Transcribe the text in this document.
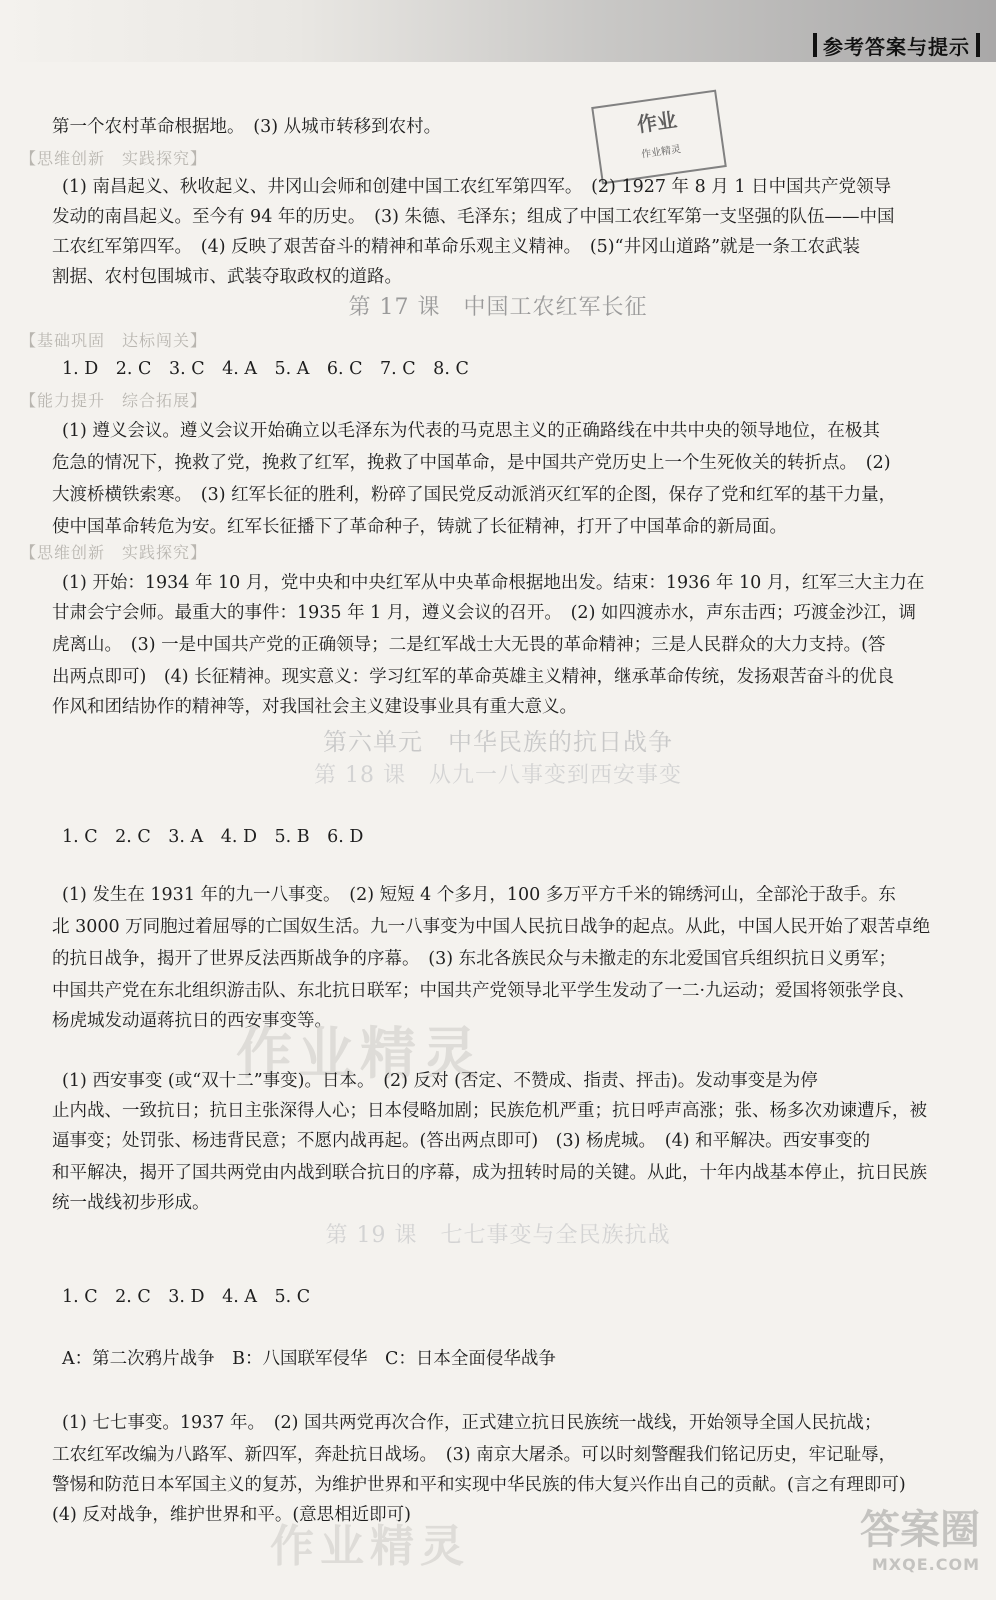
参考答案与提示
作业
作业精灵
第一个农村革命根据地。　(3) 从城市转移到农村。
【思维创新　实践探究】
(1) 南昌起义、秋收起义、井冈山会师和创建中国工农红军第四军。　(2) 1927 年 8 月 1 日中国共产党领导
发动的南昌起义。至今有 94 年的历史。　(3) 朱德、毛泽东；组成了中国工农红军第一支坚强的队伍——中国
工农红军第四军。　(4) 反映了艰苦奋斗的精神和革命乐观主义精神。　(5)“井冈山道路”就是一条工农武装
割据、农村包围城市、武装夺取政权的道路。
第 17 课　中国工农红军长征
【基础巩固　达标闯关】
1. D　2. C　3. C　4. A　5. A　6. C　7. C　8. C
【能力提升　综合拓展】
(1) 遵义会议。遵义会议开始确立以毛泽东为代表的马克思主义的正确路线在中共中央的领导地位，在极其
危急的情况下，挽救了党，挽救了红军，挽救了中国革命，是中国共产党历史上一个生死攸关的转折点。　(2)
大渡桥横铁索寒。　(3) 红军长征的胜利，粉碎了国民党反动派消灭红军的企图，保存了党和红军的基干力量，
使中国革命转危为安。红军长征播下了革命种子，铸就了长征精神，打开了中国革命的新局面。
【思维创新　实践探究】
(1) 开始：1934 年 10 月，党中央和中央红军从中央革命根据地出发。结束：1936 年 10 月，红军三大主力在
甘肃会宁会师。最重大的事件：1935 年 1 月，遵义会议的召开。　(2) 如四渡赤水，声东击西；巧渡金沙江，调
虎离山。　(3) 一是中国共产党的正确领导；二是红军战士大无畏的革命精神；三是人民群众的大力支持。(答
出两点即可)　(4) 长征精神。现实意义：学习红军的革命英雄主义精神，继承革命传统，发扬艰苦奋斗的优良
作风和团结协作的精神等，对我国社会主义建设事业具有重大意义。
第六单元　中华民族的抗日战争
第 18 课　从九一八事变到西安事变
1. C　2. C　3. A　4. D　5. B　6. D
(1) 发生在 1931 年的九一八事变。　(2) 短短 4 个多月，100 多万平方千米的锦绣河山，全部沦于敌手。东
北 3000 万同胞过着屈辱的亡国奴生活。九一八事变为中国人民抗日战争的起点。从此，中国人民开始了艰苦卓绝
的抗日战争，揭开了世界反法西斯战争的序幕。　(3) 东北各族民众与未撤走的东北爱国官兵组织抗日义勇军；
中国共产党在东北组织游击队、东北抗日联军；中国共产党领导北平学生发动了一二·九运动；爱国将领张学良、
杨虎城发动逼蒋抗日的西安事变等。
作业精灵
(1) 西安事变 (或“双十二”事变)。日本。　(2) 反对 (否定、不赞成、指责、抨击)。发动事变是为停
止内战、一致抗日；抗日主张深得人心；日本侵略加剧；民族危机严重；抗日呼声高涨；张、杨多次劝谏遭斥，被
逼事变；处罚张、杨违背民意；不愿内战再起。(答出两点即可)　(3) 杨虎城。　(4) 和平解决。西安事变的
和平解决，揭开了国共两党由内战到联合抗日的序幕，成为扭转时局的关键。从此，十年内战基本停止，抗日民族
统一战线初步形成。
第 19 课　七七事变与全民族抗战
1. C　2. C　3. D　4. A　5. C
A：第二次鸦片战争　B：八国联军侵华　C：日本全面侵华战争
(1) 七七事变。1937 年。　(2) 国共两党再次合作，正式建立抗日民族统一战线，开始领导全国人民抗战；
工农红军改编为八路军、新四军，奔赴抗日战场。　(3) 南京大屠杀。可以时刻警醒我们铭记历史，牢记耻辱，
警惕和防范日本军国主义的复苏，为维护世界和平和实现中华民族的伟大复兴作出自己的贡献。(言之有理即可)
(4) 反对战争，维护世界和平。(意思相近即可)
作业精灵	答案圈
MXQE.COM
